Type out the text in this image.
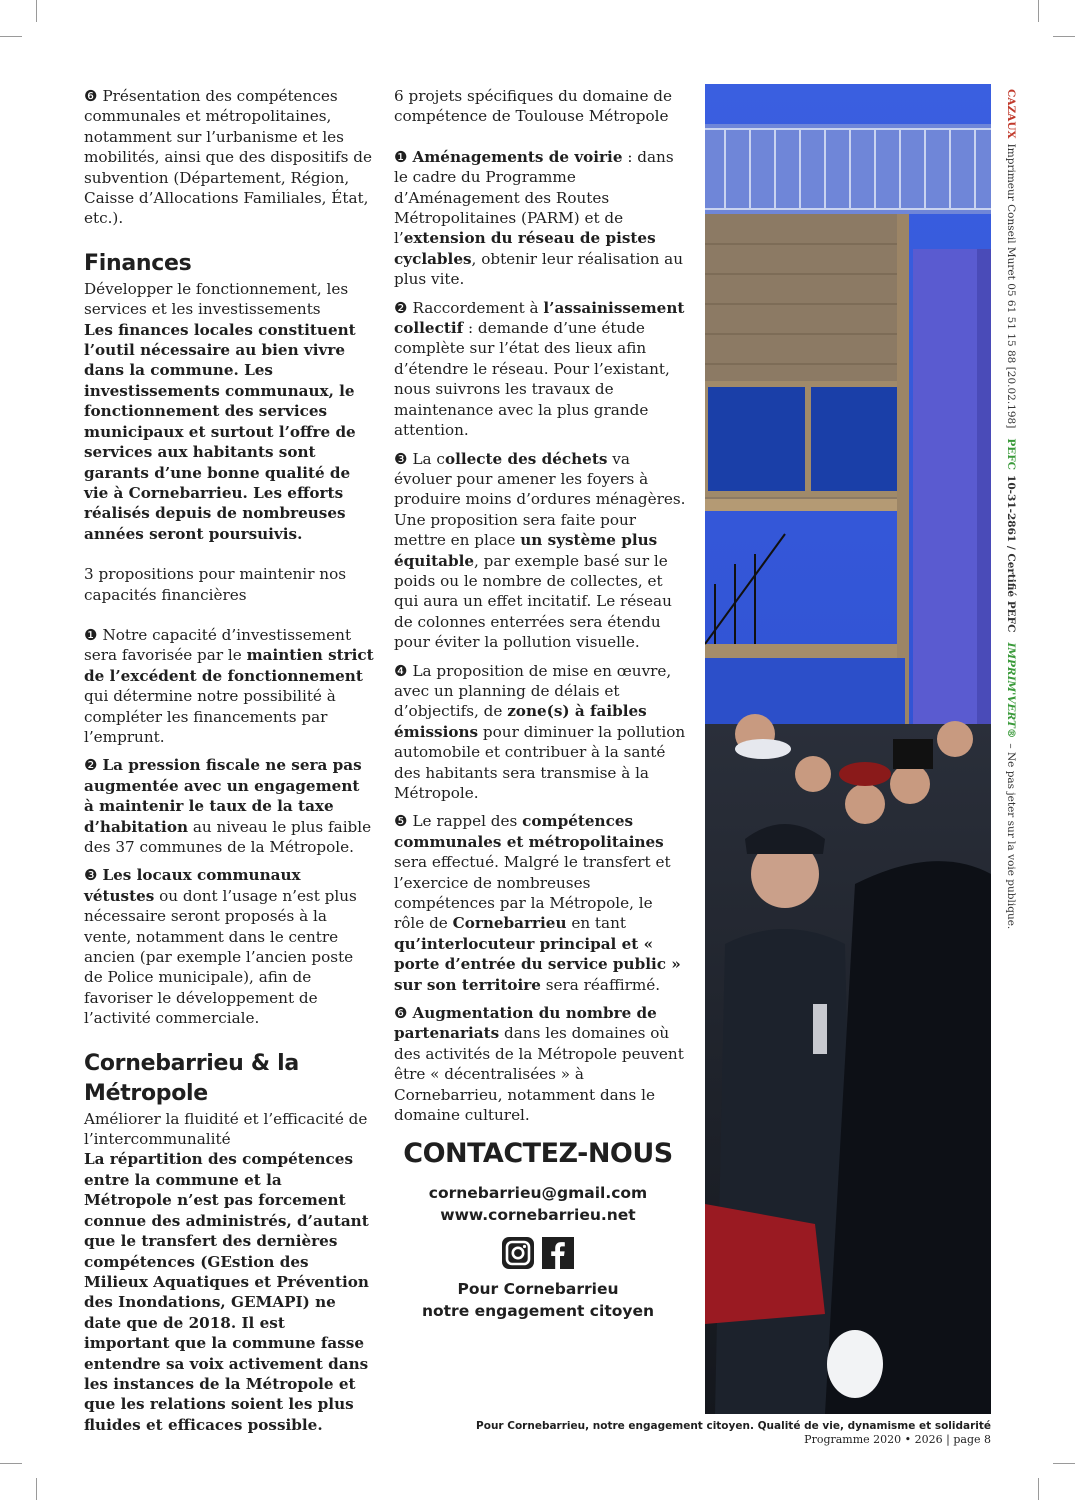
❻ Présentation des compétences communales et métropolitaines, notamment sur l’urbanisme et les mobilités, ainsi que des dispositifs de subvention (Département, Région, Caisse d’Allocations Familiales, État, etc.).

Finances

Développer le fonctionnement, les services et les investissements

Les finances locales constituent l’outil nécessaire au bien vivre dans la commune. Les investissements communaux, le fonctionnement des services municipaux et surtout l’offre de services aux habitants sont garants d’une bonne qualité de vie à Cornebarrieu. Les efforts réalisés depuis de nombreuses années seront poursuivis.

3 propositions pour maintenir nos capacités financières

❶ Notre capacité d’investissement sera favorisée par le maintien strict de l’excédent de fonctionnement qui détermine notre possibilité à compléter les financements par l’emprunt.

❷ La pression fiscale ne sera pas augmentée avec un engagement à maintenir le taux de la taxe d’habitation au niveau le plus faible des 37 communes de la Métropole.

❸ Les locaux communaux vétustes ou dont l’usage n’est plus nécessaire seront proposés à la vente, notamment dans le centre ancien (par exemple l’ancien poste de Police municipale), afin de favoriser le développement de l’activité commerciale.

Cornebarrieu & la Métropole

Améliorer la fluidité et l’efficacité de l’intercommunalité

La répartition des compétences entre la commune et la Métropole n’est pas forcement connue des administrés, d’autant que le transfert des dernières compétences (GEstion des Milieux Aquatiques et Prévention des Inondations, GEMAPI) ne date que de 2018. Il est important que la commune fasse entendre sa voix activement dans les instances de la Métropole et que les relations soient les plus fluides et efficaces possible.

6 projets spécifiques du domaine de compétence de Toulouse Métropole

❶ Aménagements de voirie : dans le cadre du Programme d’Aménagement des Routes Métropolitaines (PARM) et de l’extension du réseau de pistes cyclables, obtenir leur réalisation au plus vite.

❷ Raccordement à l’assainissement collectif : demande d’une étude complète sur l’état des lieux afin d’étendre le réseau. Pour l’existant, nous suivrons les travaux de maintenance avec la plus grande attention.

❸ La collecte des déchets va évoluer pour amener les foyers à produire moins d’ordures ménagères. Une proposition sera faite pour mettre en place un système plus équitable, par exemple basé sur le poids ou le nombre de collectes, et qui aura un effet incitatif. Le réseau de colonnes enterrées sera étendu pour éviter la pollution visuelle.

❹ La proposition de mise en œuvre, avec un planning de délais et d’objectifs, de zone(s) à faibles émissions pour diminuer la pollution automobile et contribuer à la santé des habitants sera transmise à la Métropole.

❺ Le rappel des compétences communales et métropolitaines sera effectué. Malgré le transfert et l’exercice de nombreuses compétences par la Métropole, le rôle de Cornebarrieu en tant qu’interlocuteur principal et « porte d’entrée du service public » sur son territoire sera réaffirmé.

❻ Augmentation du nombre de partenariats dans les domaines où des activités de la Métropole peuvent être « décentralisées » à Cornebarrieu, notamment dans le domaine culturel.

CONTACTEZ-NOUS
cornebarrieu@gmail.com
www.cornebarrieu.net
Pour Cornebarrieu
notre engagement citoyen
CAZAUX
Imprimeur Conseil Muret 05 61 51 15 88 [20.02.198]
PEFC
10-31-2861 / Certifié PEFC
IMPRIM'VERT®
– Ne pas jeter sur la voie publique.
Pour Cornebarrieu, notre engagement citoyen. Qualité de vie, dynamisme et solidarité
Programme 2020 • 2026 | page 8
